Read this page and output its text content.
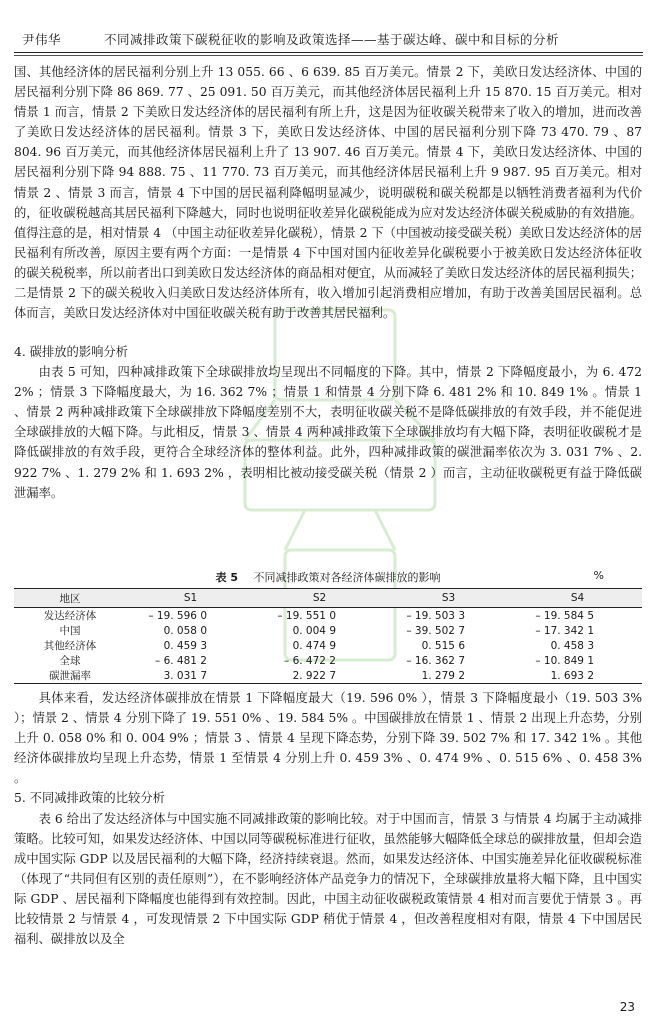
尹伟华	不同减排政策下碳税征收的影响及政策选择——基于碳达峰、碳中和目标的分析

国、其他经济体的居民福利分别上升 13 055. 66 、6 639. 85 百万美元。情景 2 下，美欧日发达经济体、中国的居民福利分别下降 86 869. 77 、25 091. 50 百万美元，而其他经济体居民福利上升 15 870. 15 百万美元。相对情景 1 而言，情景 2 下美欧日发达经济体的居民福利有所上升，这是因为征收碳关税带来了收入的增加，进而改善了美欧日发达经济体的居民福利。情景 3 下，美欧日发达经济体、中国的居民福利分别下降 73 470. 79 、87 804. 96 百万美元，而其他经济体居民福利上升了 13 907. 46 百万美元。情景 4 下，美欧日发达经济体、中国的居民福利分别下降 94 888. 75 、11 770. 73 百万美元，而其他经济体居民福利上升 9 987. 95 百万美元。相对情景 2 、情景 3 而言，情景 4 下中国的居民福利降幅明显减少，说明碳税和碳关税都是以牺牲消费者福利为代价的，征收碳税越高其居民福利下降越大，同时也说明征收差异化碳税能成为应对发达经济体碳关税威胁的有效措施。值得注意的是，相对情景 4 （中国主动征收差异化碳税），情景 2 下（中国被动接受碳关税）美欧日发达经济体的居民福利有所改善，原因主要有两个方面：一是情景 4 下中国对国内征收差异化碳税要小于被美欧日发达经济体征收的碳关税税率，所以前者出口到美欧日发达经济体的商品相对便宜，从而减轻了美欧日发达经济体的居民福利损失；二是情景 2 下的碳关税收入归美欧日发达经济体所有，收入增加引起消费相应增加，有助于改善美国居民福利。总体而言，美欧日发达经济体对中国征收碳关税有助于改善其居民福利。

4. 碳排放的影响分析

由表 5 可知，四种减排政策下全球碳排放均呈现出不同幅度的下降。其中，情景 2 下降幅度最小，为 6. 472 2% ；情景 3 下降幅度最大，为 16. 362 7% ；情景 1 和情景 4 分别下降 6. 481 2% 和 10. 849 1% 。情景 1 、情景 2 两种减排政策下全球碳排放下降幅度差别不大，表明征收碳关税不是降低碳排放的有效手段，并不能促进全球碳排放的大幅下降。与此相反，情景 3 、情景 4 两种减排政策下全球碳排放均有大幅下降，表明征收碳税才是降低碳排放的有效手段，更符合全球经济体的整体利益。此外，四种减排政策的碳泄漏率依次为 3. 031 7% 、2. 922 7% 、1. 279 2% 和 1. 693 2% ，表明相比被动接受碳关税（情景 2 ）而言，主动征收碳税更有益于降低碳泄漏率。

表 5 不同减排政策对各经济体碳排放的影响	%
地区	S1	S2	S3	S4
发达经济体	– 19. 596 0	– 19. 551 0	– 19. 503 3	– 19. 584 5
中国	0. 058 0	0. 004 9	– 39. 502 7	– 17. 342 1
其他经济体	0. 459 3	0. 474 9	0. 515 6	0. 458 3
全球	– 6. 481 2	– 6. 472 2	– 16. 362 7	– 10. 849 1
碳泄漏率	3. 031 7	2. 922 7	1. 279 2	1. 693 2

具体来看，发达经济体碳排放在情景 1 下降幅度最大（19. 596 0% ），情景 3 下降幅度最小（19. 503 3% ）；情景 2 、情景 4 分别下降了 19. 551 0% 、19. 584 5% 。中国碳排放在情景 1 、情景 2 出现上升态势，分别上升 0. 058 0% 和 0. 004 9% ；情景 3 、情景 4 呈现下降态势，分别下降 39. 502 7% 和 17. 342 1% 。其他经济体碳排放均呈现上升态势，情景 1 至情景 4 分别上升 0. 459 3% 、0. 474 9% 、0. 515 6% 、0. 458 3% 。

5. 不同减排政策的比较分析

表 6 给出了发达经济体与中国实施不同减排政策的影响比较。对于中国而言，情景 3 与情景 4 均属于主动减排策略。比较可知，如果发达经济体、中国以同等碳税标准进行征收，虽然能够大幅降低全球总的碳排放量，但却会造成中国实际 GDP 以及居民福利的大幅下降，经济持续衰退。然而，如果发达经济体、中国实施差异化征收碳税标准（体现了“共同但有区别的责任原则”），在不影响经济体产品竞争力的情况下，全球碳排放量将大幅下降，且中国实际 GDP 、居民福利下降幅度也能得到有效控制。因此，中国主动征收碳税政策情景 4 相对而言要优于情景 3 。再比较情景 2 与情景 4 ，可发现情景 2 下中国实际 GDP 稍优于情景 4 ，但改善程度相对有限，情景 4 下中国居民福利、碳排放以及全

23
